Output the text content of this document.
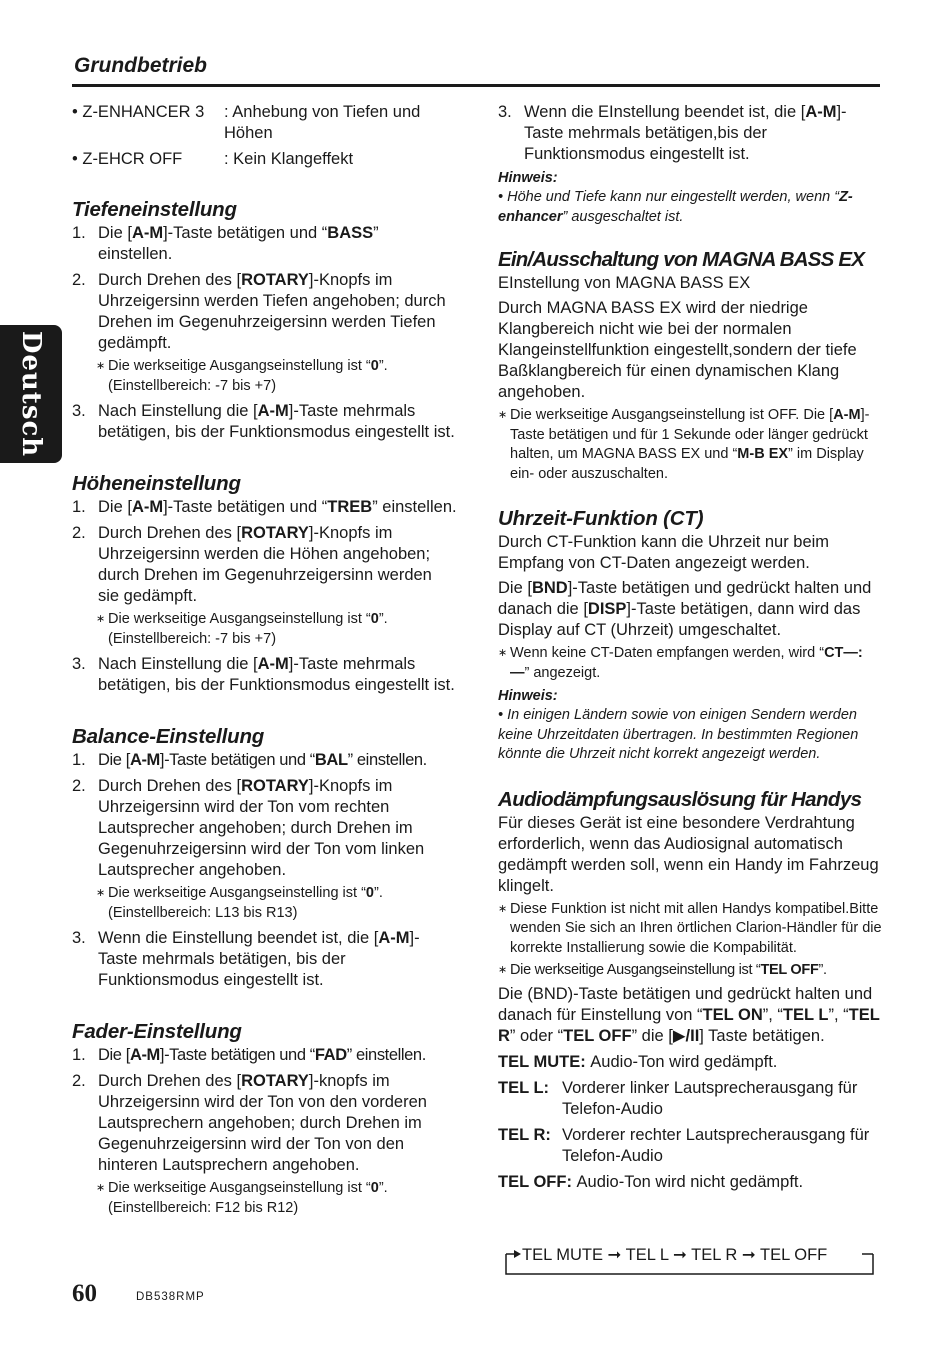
Grundbetrieb
Deutsch
• Z-ENHANCER 3	: Anhebung von Tiefen und Höhen
• Z-EHCR OFF	: Kein Klangeffekt
Tiefeneinstellung
1. Die [A-M]-Taste betätigen und “BASS” einstellen.
2. Durch Drehen des [ROTARY]-Knopfs im Uhrzeigersinn werden Tiefen angehoben; durch Drehen im Gegenuhrzeigersinn werden Tiefen gedämpft.
∗ Die werkseitige Ausgangseinstellung ist “0”. (Einstellbereich: -7 bis +7)
3. Nach Einstellung die [A-M]-Taste mehrmals betätigen, bis der Funktionsmodus eingestellt ist.
Höheneinstellung
1. Die [A-M]-Taste betätigen und “TREB” einstellen.
2. Durch Drehen des [ROTARY]-Knopfs im Uhrzeigersinn werden die Höhen angehoben; durch Drehen im Gegenuhrzeigersinn werden sie gedämpft.
∗ Die werkseitige Ausgangseinstellung ist “0”. (Einstellbereich: -7 bis +7)
3. Nach Einstellung die [A-M]-Taste mehrmals betätigen, bis der Funktionsmodus eingestellt ist.
Balance-Einstellung
1. Die [A-M]-Taste betätigen und “BAL” einstellen.
2. Durch Drehen des [ROTARY]-Knopfs im Uhrzeigersinn wird der Ton vom rechten Lautsprecher angehoben; durch Drehen im Gegenuhrzeigersinn wird der Ton vom linken Lautsprecher angehoben.
∗ Die werkseitige Ausgangseinstelling ist “0”. (Einstellbereich: L13 bis R13)
3. Wenn die Einstellung beendet ist, die [A-M]-Taste mehrmals betätigen, bis der Funktionsmodus eingestellt ist.
Fader-Einstellung
1. Die [A-M]-Taste betätigen und “FAD” einstellen.
2. Durch Drehen des [ROTARY]-knopfs im Uhrzeigersinn wird der Ton von den vorderen Lautsprechern angehoben; durch Drehen im Gegenuhrzeigersinn wird der Ton von den hinteren Lautsprechern angehoben.
∗ Die werkseitige Ausgangseinstellung ist “0”. (Einstellbereich: F12 bis R12)
3. Wenn die EInstellung beendet ist, die [A-M]-Taste mehrmals betätigen,bis der Funktionsmodus eingestellt ist.
Hinweis:
• Höhe und Tiefe kann nur eingestellt werden, wenn “Z-enhancer” ausgeschaltet ist.
Ein/Ausschaltung von MAGNA BASS EX
EInstellung von MAGNA BASS EX
Durch MAGNA BASS EX wird der niedrige Klangbereich nicht wie bei der normalen Klangeinstellfunktion eingestellt,sondern der tiefe Baßklangbereich für einen dynamischen Klang angehoben.
∗ Die werkseitige Ausgangseinstellung ist OFF. Die [A-M]-Taste betätigen und für 1 Sekunde oder länger gedrückt halten, um MAGNA BASS EX und “M-B EX” im Display ein- oder auszuschalten.
Uhrzeit-Funktion (CT)
Durch CT-Funktion kann die Uhrzeit nur beim Empfang von CT-Daten angezeigt werden.
Die [BND]-Taste betätigen und gedrückt halten und danach die [DISP]-Taste betätigen, dann wird das Display auf CT (Uhrzeit) umgeschaltet.
∗ Wenn keine CT-Daten empfangen werden, wird “CT—:—” angezeigt.
Hinweis:
• In einigen Ländern sowie von einigen Sendern werden keine Uhrzeitdaten übertragen. In bestimmten Regionen könnte die Uhrzeit nicht korrekt angezeigt werden.
Audiodämpfungsauslösung für Handys
Für dieses Gerät ist eine besondere Verdrahtung erforderlich, wenn das Audiosignal automatisch gedämpft werden soll, wenn ein Handy im Fahrzeug klingelt.
∗ Diese Funktion ist nicht mit allen Handys kompatibel.Bitte wenden Sie sich an Ihren örtlichen Clarion-Händler für die korrekte Installierung sowie die Kompabilität.
∗ Die werkseitige Ausgangseinstellung ist “TEL OFF”.
Die (BND)-Taste betätigen und gedrückt halten und danach für Einstellung von “TEL ON”, “TEL L”, “TEL R” oder “TEL OFF” die [▶/II] Taste betätigen.
TEL MUTE:
Audio-Ton wird gedämpft.
TEL L: Vorderer linker Lautsprecherausgang für Telefon-Audio
TEL R: Vorderer rechter Lautsprecherausgang für Telefon-Audio
TEL OFF:
Audio-Ton wird nicht gedämpft.
TEL MUTE ➞ TEL L ➞ TEL R ➞ TEL OFF
60	DB538RMP
